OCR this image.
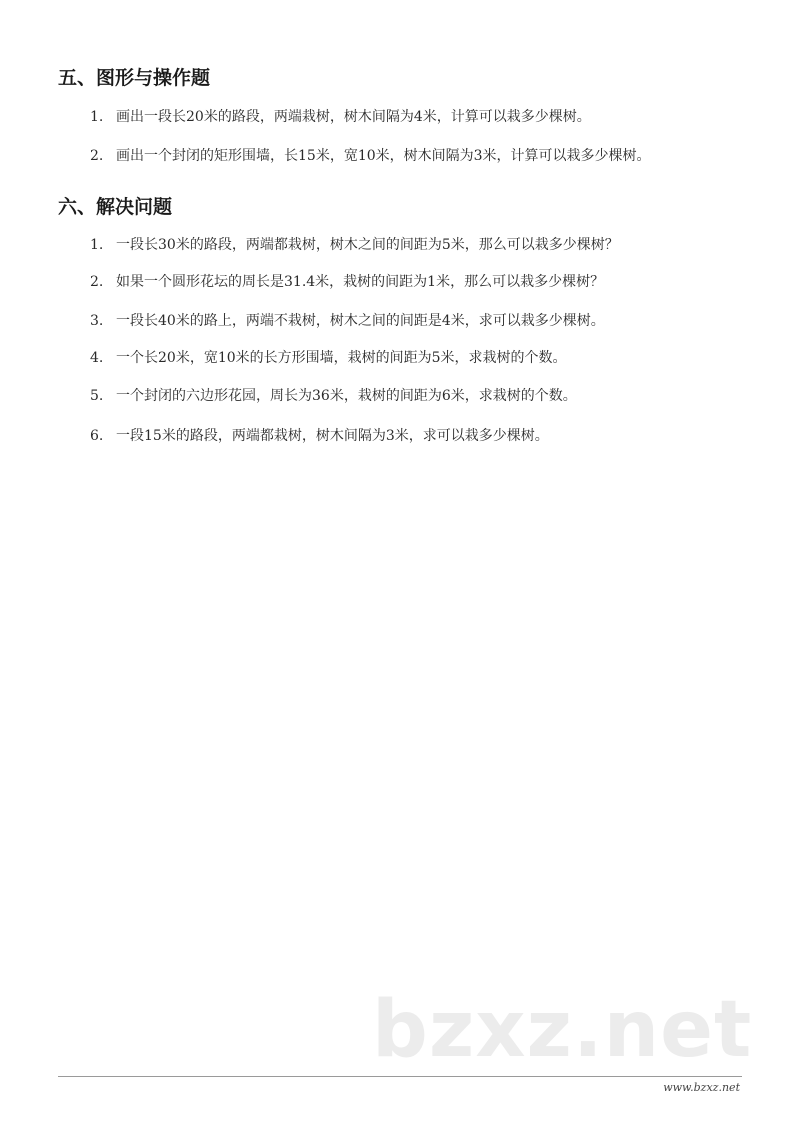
五、图形与操作题
1. 画出一段长20米的路段，两端栽树，树木间隔为4米，计算可以栽多少棵树。
2. 画出一个封闭的矩形围墙，长15米，宽10米，树木间隔为3米，计算可以栽多少棵树。
六、解决问题
1. 一段长30米的路段，两端都栽树，树木之间的间距为5米，那么可以栽多少棵树？
2. 如果一个圆形花坛的周长是31.4米，栽树的间距为1米，那么可以栽多少棵树？
3. 一段长40米的路上，两端不栽树，树木之间的间距是4米，求可以栽多少棵树。
4. 一个长20米，宽10米的长方形围墙，栽树的间距为5米，求栽树的个数。
5. 一个封闭的六边形花园，周长为36米，栽树的间距为6米，求栽树的个数。
6. 一段15米的路段，两端都栽树，树木间隔为3米，求可以栽多少棵树。
bzxz.net
www.bzxz.net
